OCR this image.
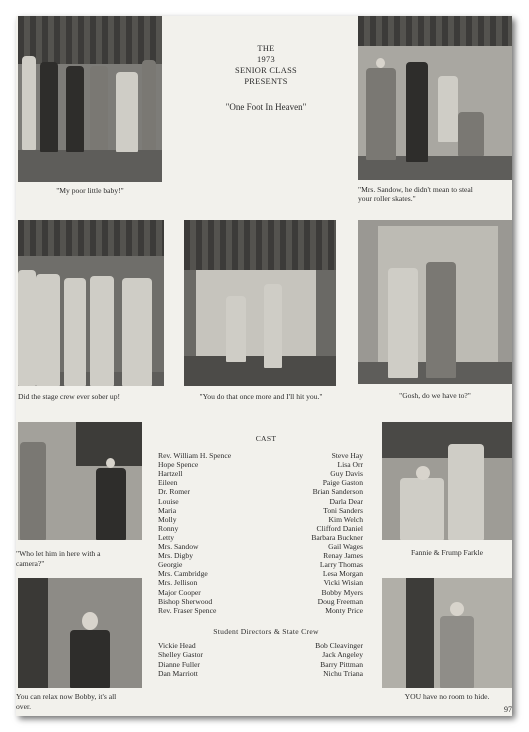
"My poor little baby!"
THE
1973
SENIOR CLASS
PRESENTS
"One Foot In Heaven"
"Mrs. Sandow, he didn't mean to steal
your roller skates."
Did the stage crew ever sober up!	"You do that once more and I'll hit you."	"Gosh, do we have to?"
"Who let him in here with a
camera?"
Fannie & Frump Farkle
You can relax now Bobby, it's all
over.
YOU have no room to hide.
CAST
Rev. William H. Spence	Steve Hay
Hope Spence	Lisa Orr
Hartzell	Guy Davis
Eileen	Paige Gaston
Dr. Romer	Brian Sanderson
Louise	Darla Dear
Maria	Toni Sanders
Molly	Kim Welch
Ronny	Clifford Daniel
Letty	Barbara Buckner
Mrs. Sandow	Gail Wages
Mrs. Digby	Renay James
Georgie	Larry Thomas
Mrs. Cambridge	Lesa Morgan
Mrs. Jellison	Vicki Wisian
Major Cooper	Bobby Myers
Bishop Sherwood	Doug Freeman
Rev. Fraser Spence	Monty Price
Student Directors & State Crew
Vickie Head	Bob Cleavinger
Shelley Gastor	Jack Angeley
Dianne Fuller	Barry Pittman
Dan Marriott	Nichu Triana
97
